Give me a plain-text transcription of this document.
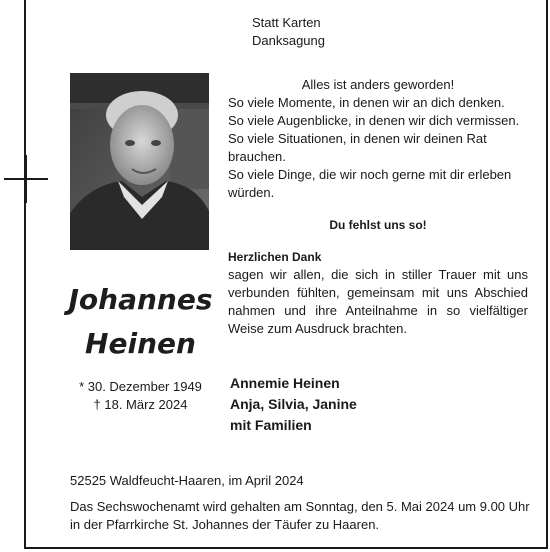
Statt Karten
Danksagung
Johannes
Heinen
* 30. Dezember 1949
† 18. März 2024
Alles ist anders geworden!
So viele Momente, in denen wir an dich denken.
So viele Augenblicke, in denen wir dich vermissen.
So viele Situationen, in denen wir deinen Rat
brauchen.
So viele Dinge, die wir noch gerne mit dir erleben
würden.
Du fehlst uns so!
Herzlichen Dank
sagen wir allen, die sich in stiller Trauer mit uns verbunden fühlten, gemeinsam mit uns Abschied nahmen und ihre Anteilnahme in so vielfältiger Weise zum Ausdruck brachten.
Annemie Heinen
Anja, Silvia, Janine
mit Familien
52525 Waldfeucht-Haaren, im April 2024
Das Sechswochenamt wird gehalten am Sonntag, den 5. Mai 2024 um 9.00 Uhr
in der Pfarrkirche St. Johannes der Täufer zu Haaren.
